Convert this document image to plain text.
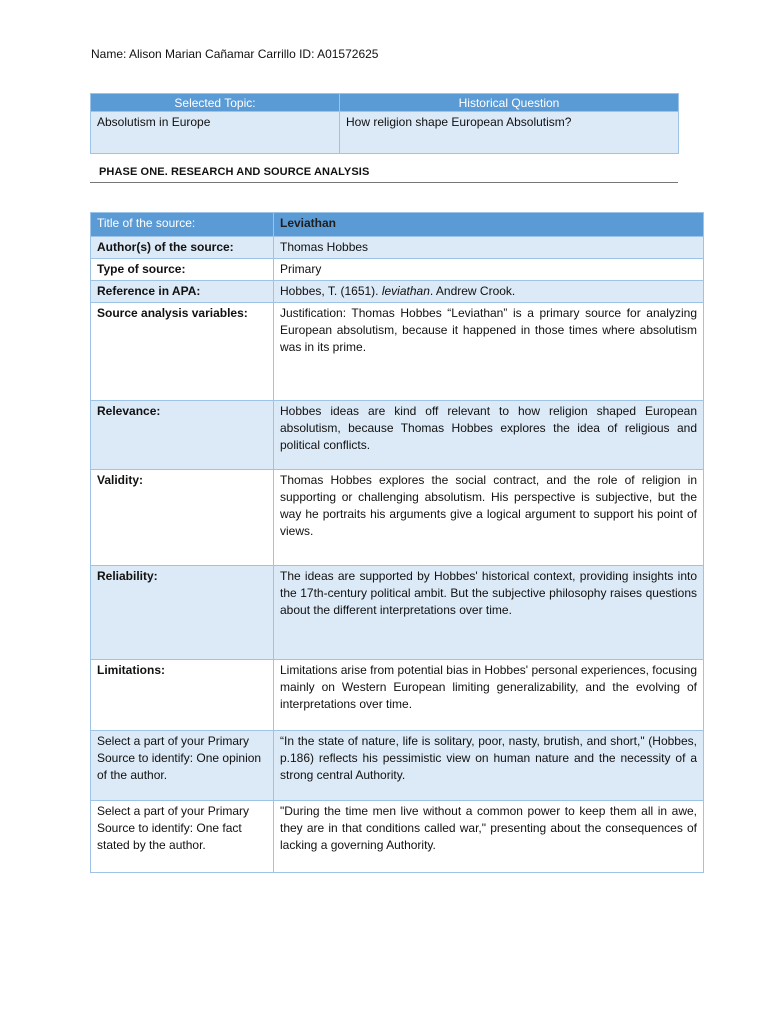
Name: Alison Marian Cañamar Carrillo ID: A01572625
Selected Topic:	Historical Question
Absolutism in Europe	How religion shape European Absolutism?
PHASE ONE. RESEARCH AND SOURCE ANALYSIS
Title of the source:	Leviathan
Author(s) of the source:	Thomas Hobbes
Type of source:	Primary
Reference in APA:	Hobbes, T. (1651). leviathan. Andrew Crook.
Source analysis variables:	Justification: Thomas Hobbes “Leviathan” is a primary source for analyzing European absolutism, because it happened in those times where absolutism was in its prime.
Relevance:	Hobbes ideas are kind off relevant to how religion shaped European absolutism, because Thomas Hobbes explores the idea of religious and political conflicts.
Validity:	Thomas Hobbes explores the social contract, and the role of religion in supporting or challenging absolutism. His perspective is subjective, but the way he portraits his arguments give a logical argument to support his point of views.
Reliability:	The ideas are supported by Hobbes' historical context, providing insights into the 17th-century political ambit. But the subjective philosophy raises questions about the different interpretations over time.
Limitations:	Limitations arise from potential bias in Hobbes' personal experiences, focusing mainly on Western European limiting generalizability, and the evolving of interpretations over time.
Select a part of your Primary Source to identify: One opinion of the author.	“In the state of nature, life is solitary, poor, nasty, brutish, and short," (Hobbes, p.186) reflects his pessimistic view on human nature and the necessity of a strong central Authority.
Select a part of your Primary Source to identify: One fact stated by the author.	"During the time men live without a common power to keep them all in awe, they are in that conditions called war," presenting about the consequences of lacking a governing Authority.
